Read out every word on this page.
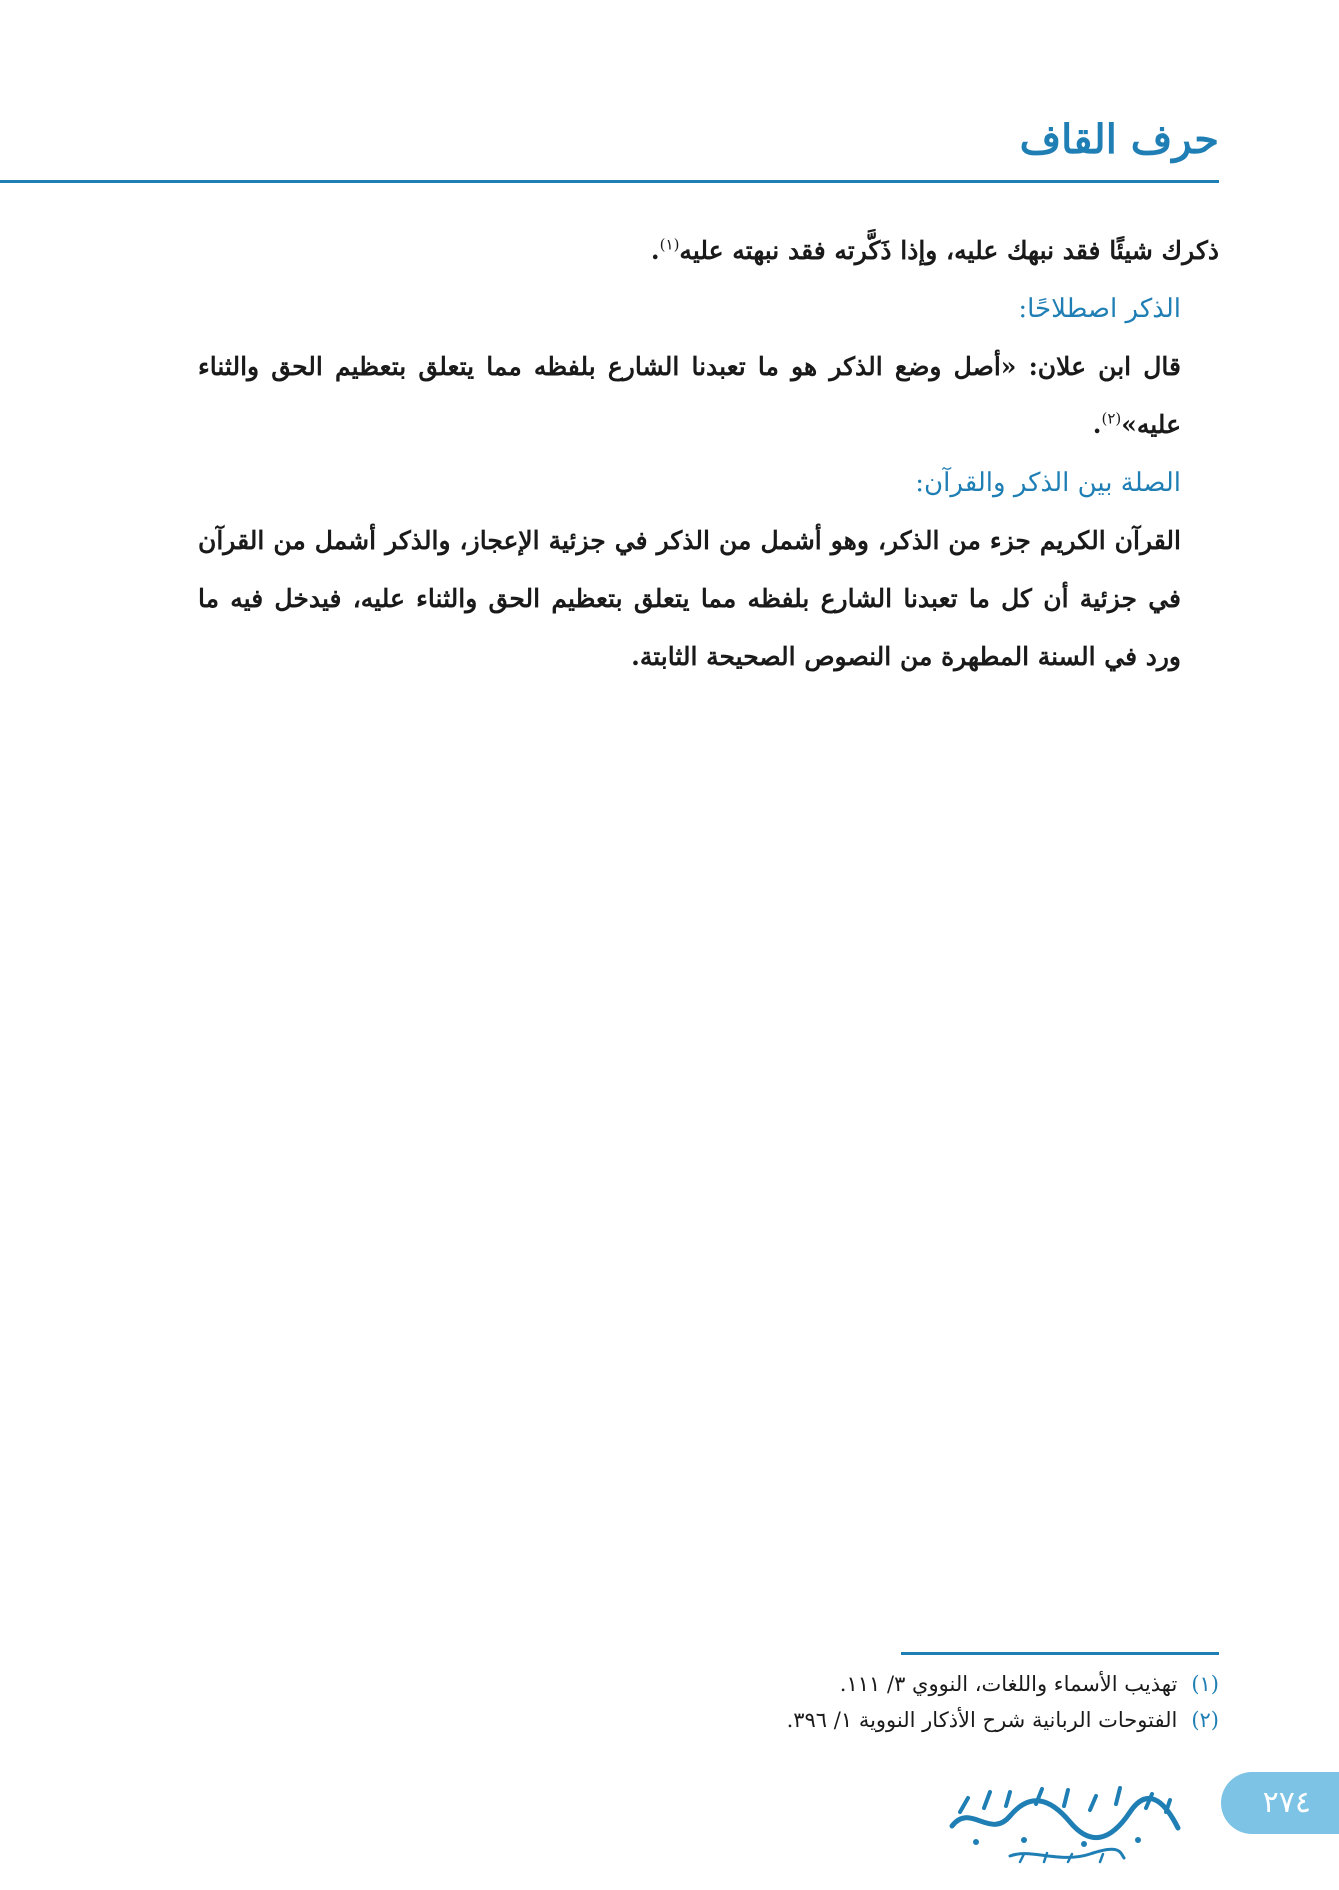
حرف القاف

ذكرك شيئًا فقد نبهك عليه، وإذا ذَكَّرته فقد نبهته عليه$^{(١)}$.

الذكر اصطلاحًا:

قال ابن علان: «أصل وضع الذكر هو ما تعبدنا الشارع بلفظه مما يتعلق بتعظيم الحق والثناء عليه»$^{(٢)}$.

الصلة بين الذكر والقرآن:

القرآن الكريم جزء من الذكر، وهو أشمل من الذكر في جزئية الإعجاز، والذكر أشمل من القرآن في جزئية أن كل ما تعبدنا الشارع بلفظه مما يتعلق بتعظيم الحق والثناء عليه، فيدخل فيه ما ورد في السنة المطهرة من النصوص الصحيحة الثابتة.

(١)تهذيب الأسماء واللغات، النووي ٣/ ١١١.
(٢)الفتوحات الربانية شرح الأذكار النووية ١/ ٣٩٦.
٢٧٤
